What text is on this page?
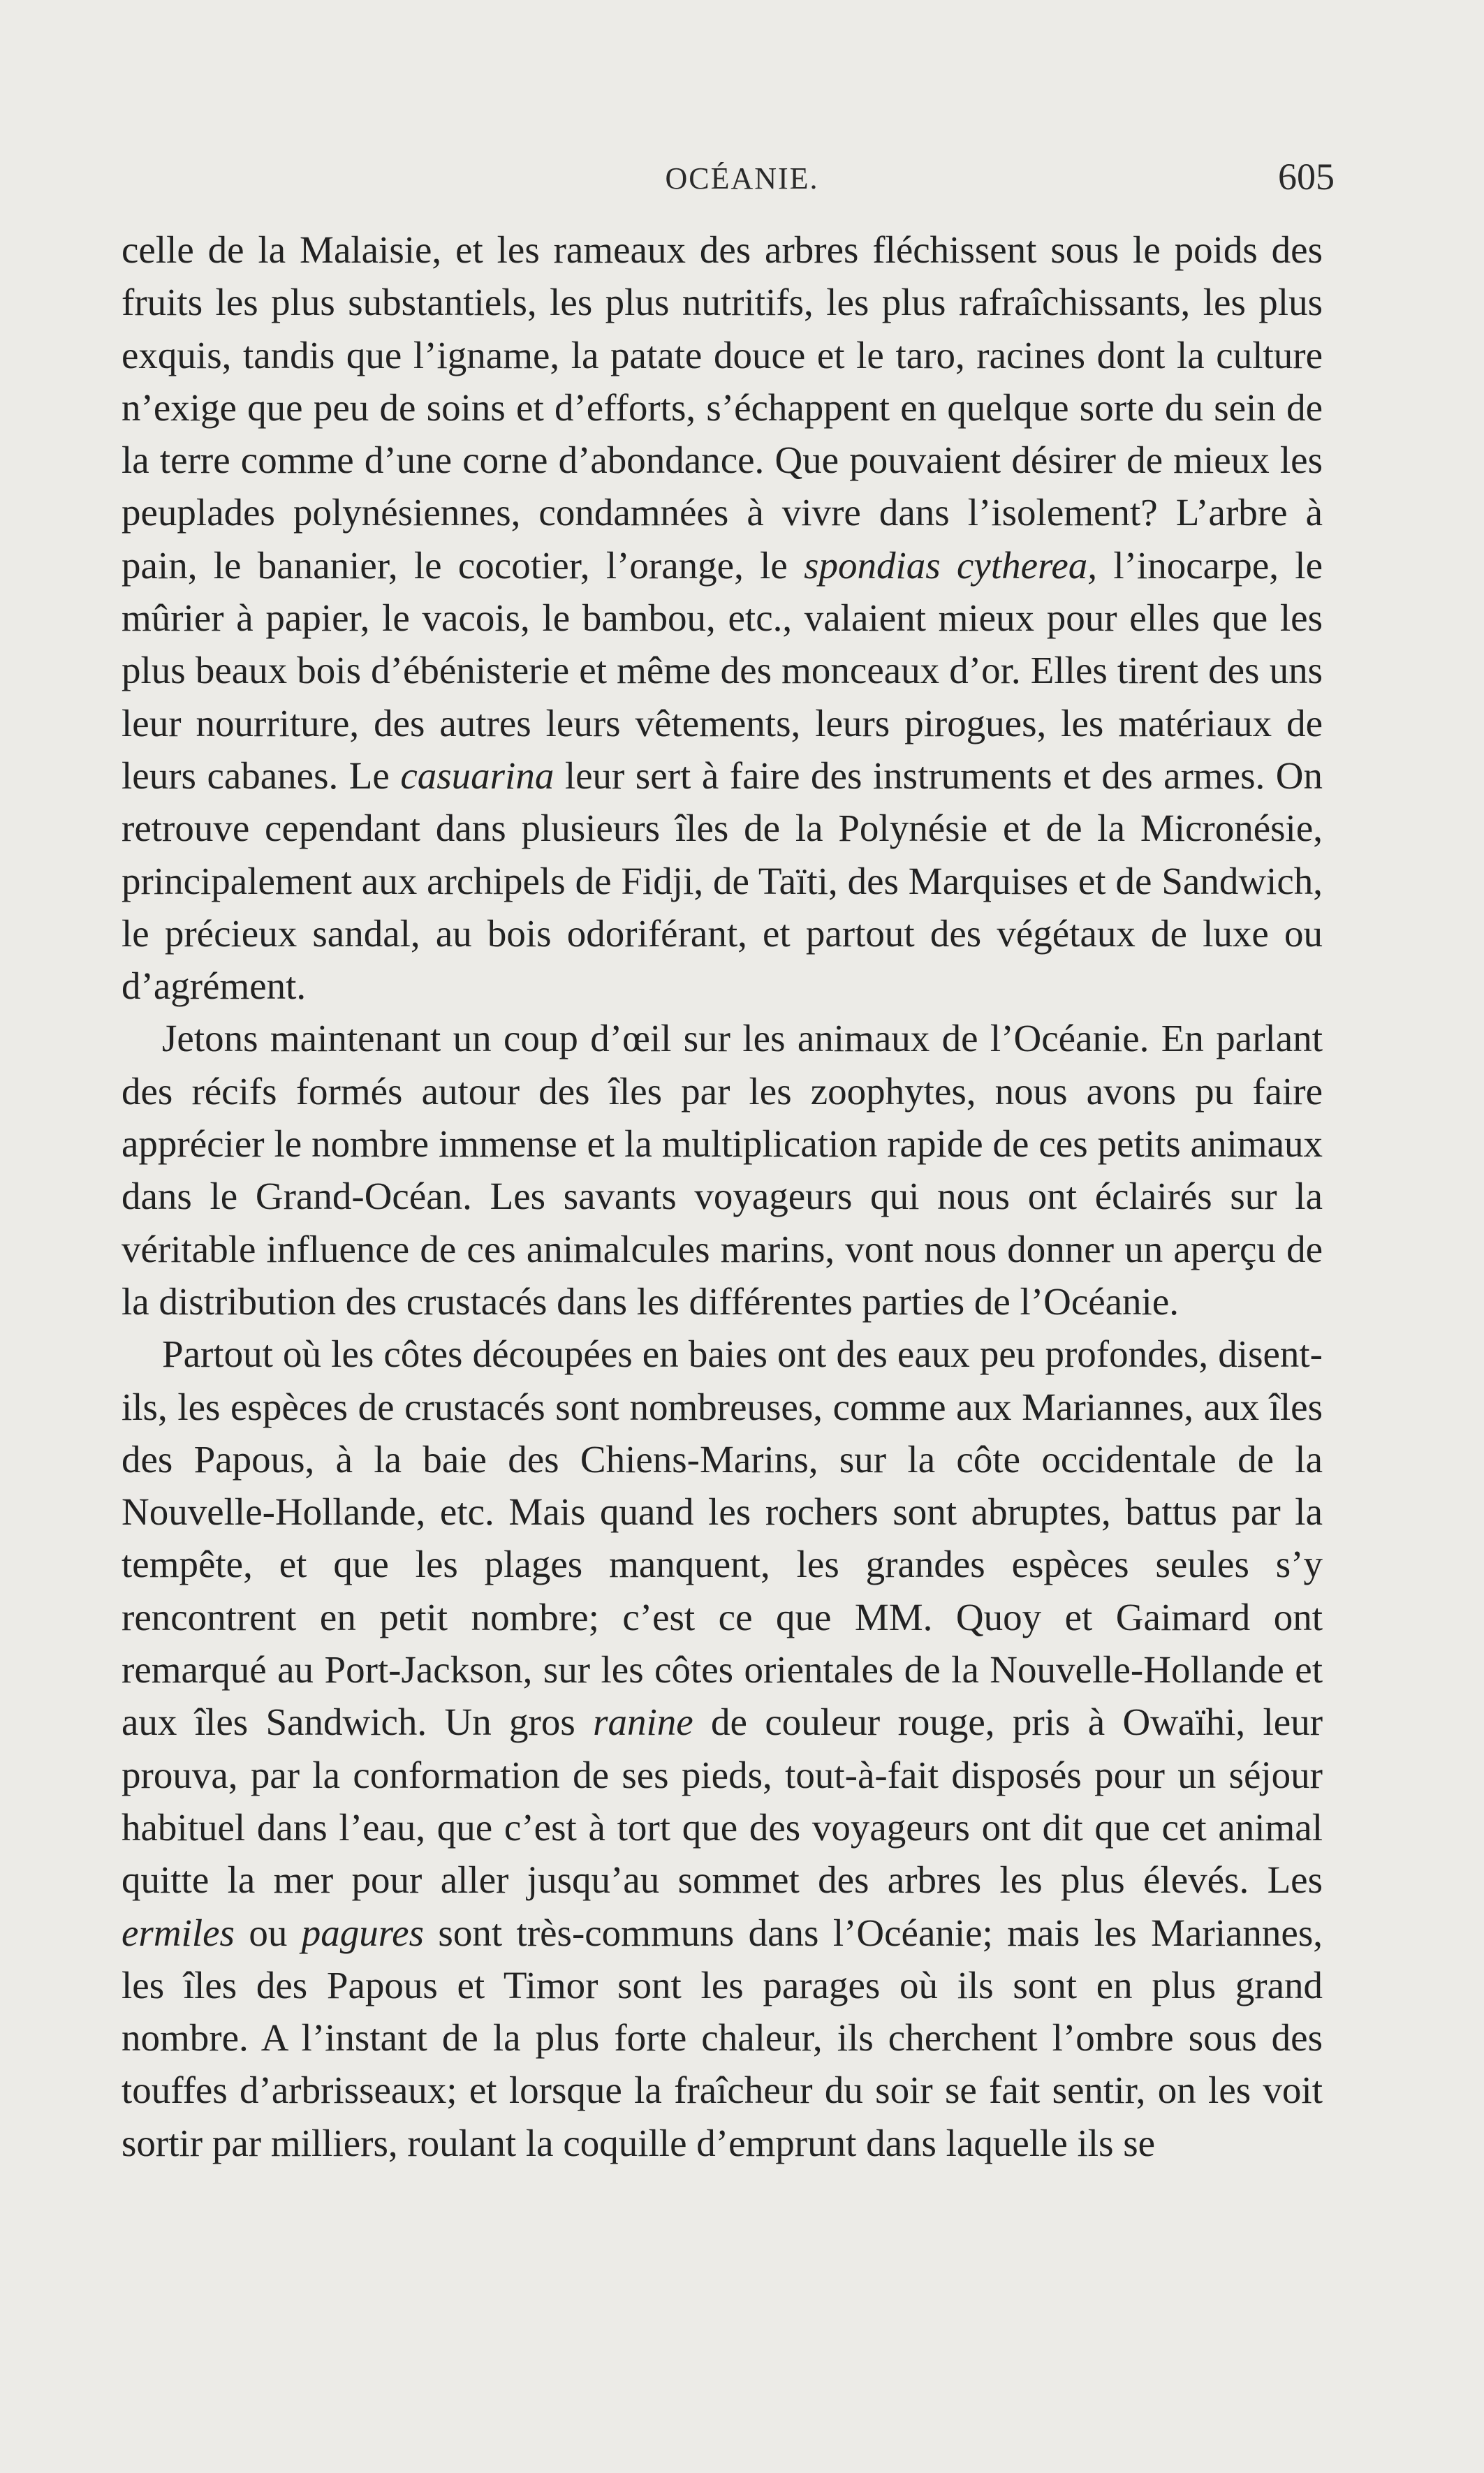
OCÉANIE.	605

celle de la Malaisie, et les rameaux des arbres fléchissent sous le poids des fruits les plus substantiels, les plus nutritifs, les plus rafraîchissants, les plus exquis, tandis que l’igname, la patate douce et le taro, racines dont la culture n’exige que peu de soins et d’efforts, s’échappent en quelque sorte du sein de la terre comme d’une corne d’abondance. Que pouvaient désirer de mieux les peuplades polynésiennes, condamnées à vivre dans l’isolement? L’arbre à pain, le bananier, le cocotier, l’orange, le spondias cytherea, l’inocarpe, le mûrier à papier, le vacois, le bambou, etc., valaient mieux pour elles que les plus beaux bois d’ébénisterie et même des monceaux d’or. Elles tirent des uns leur nourriture, des autres leurs vêtements, leurs pirogues, les matériaux de leurs cabanes. Le casuarina leur sert à faire des instruments et des armes. On retrouve cependant dans plusieurs îles de la Polynésie et de la Micronésie, principalement aux archipels de Fidji, de Taïti, des Marquises et de Sandwich, le précieux sandal, au bois odoriférant, et partout des végétaux de luxe ou d’agrément.

Jetons maintenant un coup d’œil sur les animaux de l’Océanie. En parlant des récifs formés autour des îles par les zoophytes, nous avons pu faire apprécier le nombre immense et la multiplication rapide de ces petits animaux dans le Grand-Océan. Les savants voyageurs qui nous ont éclairés sur la véritable influence de ces animalcules marins, vont nous donner un aperçu de la distribution des crustacés dans les différentes parties de l’Océanie.

Partout où les côtes découpées en baies ont des eaux peu profondes, disent-ils, les espèces de crustacés sont nombreuses, comme aux Mariannes, aux îles des Papous, à la baie des Chiens-Marins, sur la côte occidentale de la Nouvelle-Hollande, etc. Mais quand les rochers sont abruptes, battus par la tempête, et que les plages manquent, les grandes espèces seules s’y rencontrent en petit nombre; c’est ce que MM. Quoy et Gaimard ont remarqué au Port-Jackson, sur les côtes orientales de la Nouvelle-Hollande et aux îles Sandwich. Un gros ranine de couleur rouge, pris à Owaïhi, leur prouva, par la conformation de ses pieds, tout-à-fait disposés pour un séjour habituel dans l’eau, que c’est à tort que des voyageurs ont dit que cet animal quitte la mer pour aller jusqu’au sommet des arbres les plus élevés. Les ermiles ou pagures sont très-communs dans l’Océanie; mais les Mariannes, les îles des Papous et Timor sont les parages où ils sont en plus grand nombre. A l’instant de la plus forte chaleur, ils cherchent l’ombre sous des touffes d’arbrisseaux; et lorsque la fraîcheur du soir se fait sentir, on les voit sortir par milliers, roulant la coquille d’emprunt dans laquelle ils se
